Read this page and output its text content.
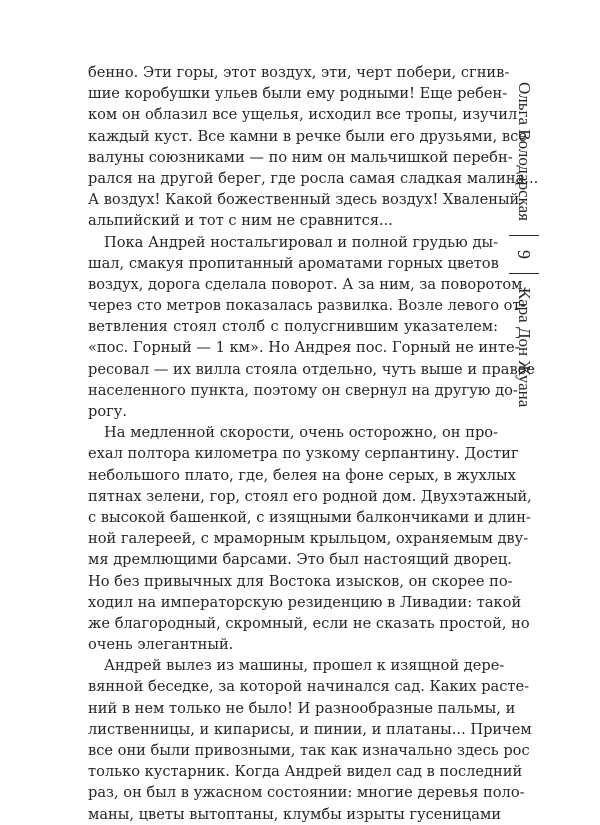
бенно. Эти горы, этот воздух, эти, черт побери, сгнив-
шие коробушки ульев были ему родными! Еще ребен-
ком он облазил все ущелья, исходил все тропы, изучил
каждый куст. Все камни в речке были его друзьями, все
валуны союзниками — по ним он мальчишкой перебн-
рался на другой берег, где росла самая сладкая малина...
А воздух! Какой божественный здесь воздух! Хваленый
альпийский и тот с ним не сравнится...
Пока Андрей ностальгировал и полной грудью ды-
шал, смакуя пропитанный ароматами горных цветов
воздух, дорога сделала поворот. А за ним, за поворотом,
через сто метров показалась развилка. Возле левого от-
ветвления стоял столб с полусгнившим указателем:
«пос. Горный — 1 км». Но Андрея пос. Горный не инте-
ресовал — их вилла стояла отдельно, чуть выше и правее
населенного пункта, поэтому он свернул на другую до-
рогу.
На медленной скорости, очень осторожно, он про-
ехал полтора километра по узкому серпантину. Достиг
небольшого плато, где, белея на фоне серых, в жухлых
пятнах зелени, гор, стоял его родной дом. Двухэтажный,
с высокой башенкой, с изящными балкончиками и длин-
ной галереей, с мраморным крыльцом, охраняемым дву-
мя дремлющими барсами. Это был настоящий дворец.
Но без привычных для Востока изысков, он скорее по-
ходил на императорскую резиденцию в Ливадии: такой
же благородный, скромный, если не сказать простой, но
очень элегантный.
Андрей вылез из машины, прошел к изящной дере-
вянной беседке, за которой начинался сад. Каких расте-
ний в нем только не было! И разнообразные пальмы, и
лиственницы, и кипарисы, и пинии, и платаны... Причем
все они были привозными, так как изначально здесь рос
только кустарник. Когда Андрей видел сад в последний
раз, он был в ужасном состоянии: многие деревья поло-
маны, цветы вытоптаны, клумбы изрыты гусеницами
Ольга Володарская
9
Кара Дон Жуана
